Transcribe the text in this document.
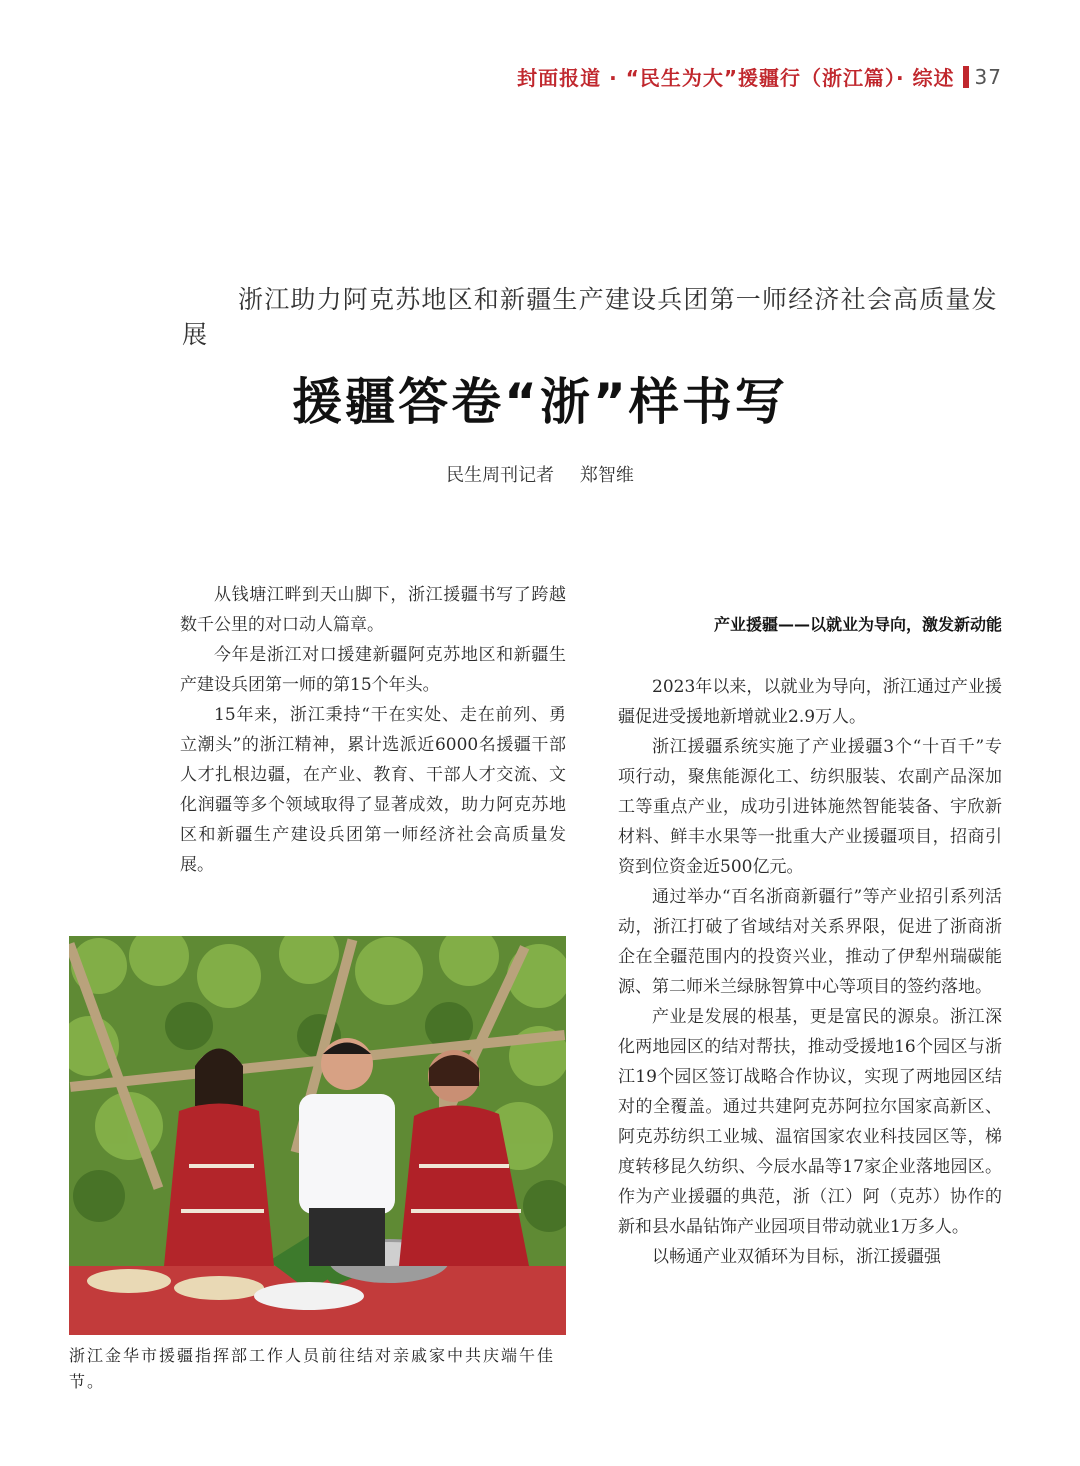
封面报道 · “民生为大”援疆行（浙江篇）· 综述 37
浙江助力阿克苏地区和新疆生产建设兵团第一师经济社会高质量发展
援疆答卷“浙”样书写
民生周刊记者 郑智维

从钱塘江畔到天山脚下，浙江援疆书写了跨越数千公里的对口动人篇章。

今年是浙江对口援建新疆阿克苏地区和新疆生产建设兵团第一师的第15个年头。

15年来，浙江秉持“干在实处、走在前列、勇立潮头”的浙江精神，累计选派近6000名援疆干部人才扎根边疆，在产业、教育、干部人才交流、文化润疆等多个领域取得了显著成效，助力阿克苏地区和新疆生产建设兵团第一师经济社会高质量发展。

产业援疆——以就业为导向，激发新动能

2023年以来，以就业为导向，浙江通过产业援疆促进受援地新增就业2.9万人。

浙江援疆系统实施了产业援疆3个“十百千”专项行动，聚焦能源化工、纺织服装、农副产品深加工等重点产业，成功引进钵施然智能装备、宇欣新材料、鲜丰水果等一批重大产业援疆项目，招商引资到位资金近500亿元。

通过举办“百名浙商新疆行”等产业招引系列活动，浙江打破了省域结对关系界限，促进了浙商浙企在全疆范围内的投资兴业，推动了伊犁州瑞碳能源、第二师米兰绿脉智算中心等项目的签约落地。

产业是发展的根基，更是富民的源泉。浙江深化两地园区的结对帮扶，推动受援地16个园区与浙江19个园区签订战略合作协议，实现了两地园区结对的全覆盖。通过共建阿克苏阿拉尔国家高新区、阿克苏纺织工业城、温宿国家农业科技园区等，梯度转移昆久纺织、今辰水晶等17家企业落地园区。作为产业援疆的典范，浙（江）阿（克苏）协作的新和县水晶钻饰产业园项目带动就业1万多人。

以畅通产业双循环为目标，浙江援疆强

浙江金华市援疆指挥部工作人员前往结对亲戚家中共庆端午佳节。
